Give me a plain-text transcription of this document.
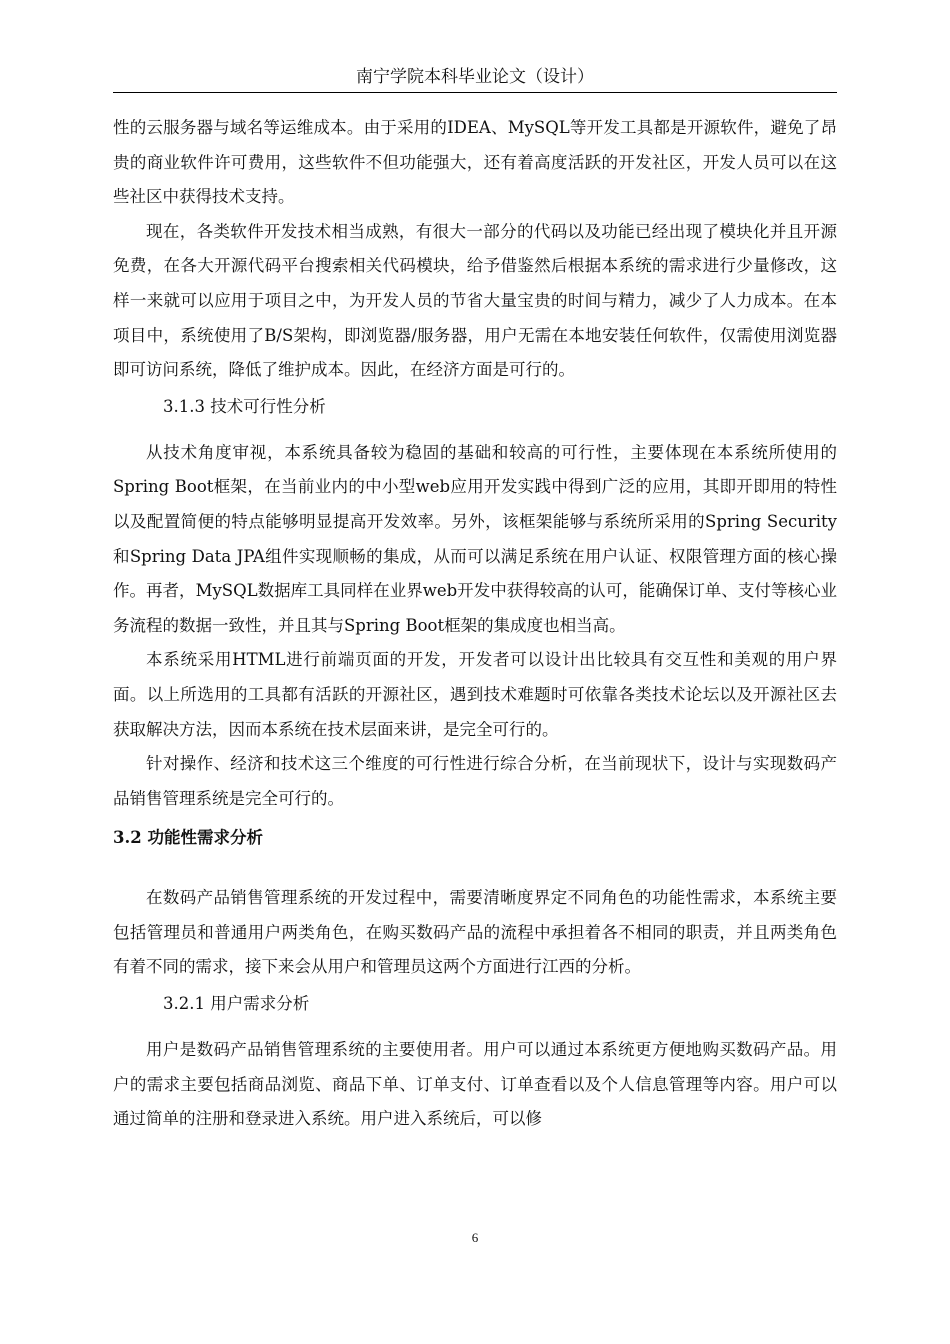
南宁学院本科毕业论文（设计）

性的云服务器与域名等运维成本。由于采用的IDEA、MySQL等开发工具都是开源软件，避免了昂贵的商业软件许可费用，这些软件不但功能强大，还有着高度活跃的开发社区，开发人员可以在这些社区中获得技术支持。

现在，各类软件开发技术相当成熟，有很大一部分的代码以及功能已经出现了模块化并且开源免费，在各大开源代码平台搜索相关代码模块，给予借鉴然后根据本系统的需求进行少量修改，这样一来就可以应用于项目之中，为开发人员的节省大量宝贵的时间与精力，减少了人力成本。在本项目中，系统使用了B/S架构，即浏览器/服务器，用户无需在本地安装任何软件，仅需使用浏览器即可访问系统，降低了维护成本。因此，在经济方面是可行的。

3.1.3 技术可行性分析

从技术角度审视，本系统具备较为稳固的基础和较高的可行性，主要体现在本系统所使用的Spring Boot框架，在当前业内的中小型web应用开发实践中得到广泛的应用，其即开即用的特性以及配置简便的特点能够明显提高开发效率。另外，该框架能够与系统所采用的Spring Security和Spring Data JPA组件实现顺畅的集成，从而可以满足系统在用户认证、权限管理方面的核心操作。再者，MySQL数据库工具同样在业界web开发中获得较高的认可，能确保订单、支付等核心业务流程的数据一致性，并且其与Spring Boot框架的集成度也相当高。

本系统采用HTML进行前端页面的开发，开发者可以设计出比较具有交互性和美观的用户界面。以上所选用的工具都有活跃的开源社区，遇到技术难题时可依靠各类技术论坛以及开源社区去获取解决方法，因而本系统在技术层面来讲，是完全可行的。

针对操作、经济和技术这三个维度的可行性进行综合分析，在当前现状下，设计与实现数码产品销售管理系统是完全可行的。

3.2 功能性需求分析

在数码产品销售管理系统的开发过程中，需要清晰度界定不同角色的功能性需求，本系统主要包括管理员和普通用户两类角色，在购买数码产品的流程中承担着各不相同的职责，并且两类角色有着不同的需求，接下来会从用户和管理员这两个方面进行江西的分析。

3.2.1 用户需求分析

用户是数码产品销售管理系统的主要使用者。用户可以通过本系统更方便地购买数码产品。用户的需求主要包括商品浏览、商品下单、订单支付、订单查看以及个人信息管理等内容。用户可以通过简单的注册和登录进入系统。用户进入系统后，可以修

6
